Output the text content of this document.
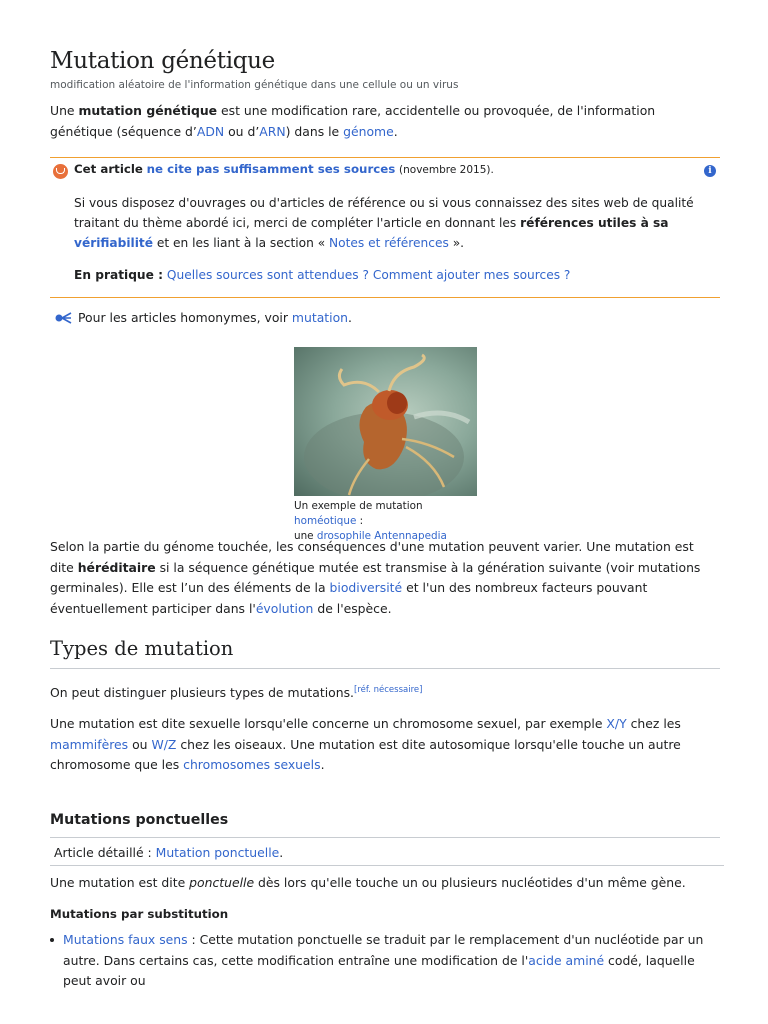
Mutation génétique
modification aléatoire de l'information génétique dans une cellule ou un virus
Une mutation génétique est une modification rare, accidentelle ou provoquée, de l'information génétique (séquence d’ADN ou d’ARN) dans le génome.
i
Cet article ne cite pas suffisamment ses sources (novembre 2015).
Si vous disposez d'ouvrages ou d'articles de référence ou si vous connaissez des sites web de qualité traitant du thème abordé ici, merci de compléter l'article en donnant les références utiles à sa vérifiabilité et en les liant à la section « Notes et références ».
En pratique : Quelles sources sont attendues ? Comment ajouter mes sources ?
Pour les articles homonymes, voir mutation.
Un exemple de mutation homéotique :
une drosophile Antennapedia
Selon la partie du génome touchée, les conséquences d'une mutation peuvent varier. Une mutation est dite héréditaire si la séquence génétique mutée est transmise à la génération suivante (voir mutations germinales). Elle est l’un des éléments de la biodiversité et l'un des nombreux facteurs pouvant éventuellement participer dans l'évolution de l'espèce.
Types de mutation
On peut distinguer plusieurs types de mutations.[réf. nécessaire]
Une mutation est dite sexuelle lorsqu'elle concerne un chromosome sexuel, par exemple X/Y chez les mammifères ou W/Z chez les oiseaux. Une mutation est dite autosomique lorsqu'elle touche un autre chromosome que les chromosomes sexuels.
Mutations ponctuelles
Article détaillé : Mutation ponctuelle.
Une mutation est dite ponctuelle dès lors qu'elle touche un ou plusieurs nucléotides d'un même gène.
Mutations par substitution
Mutations faux sens : Cette mutation ponctuelle se traduit par le remplacement d'un nucléotide par un autre. Dans certains cas, cette modification entraîne une modification de l'acide aminé codé, laquelle peut avoir ou
